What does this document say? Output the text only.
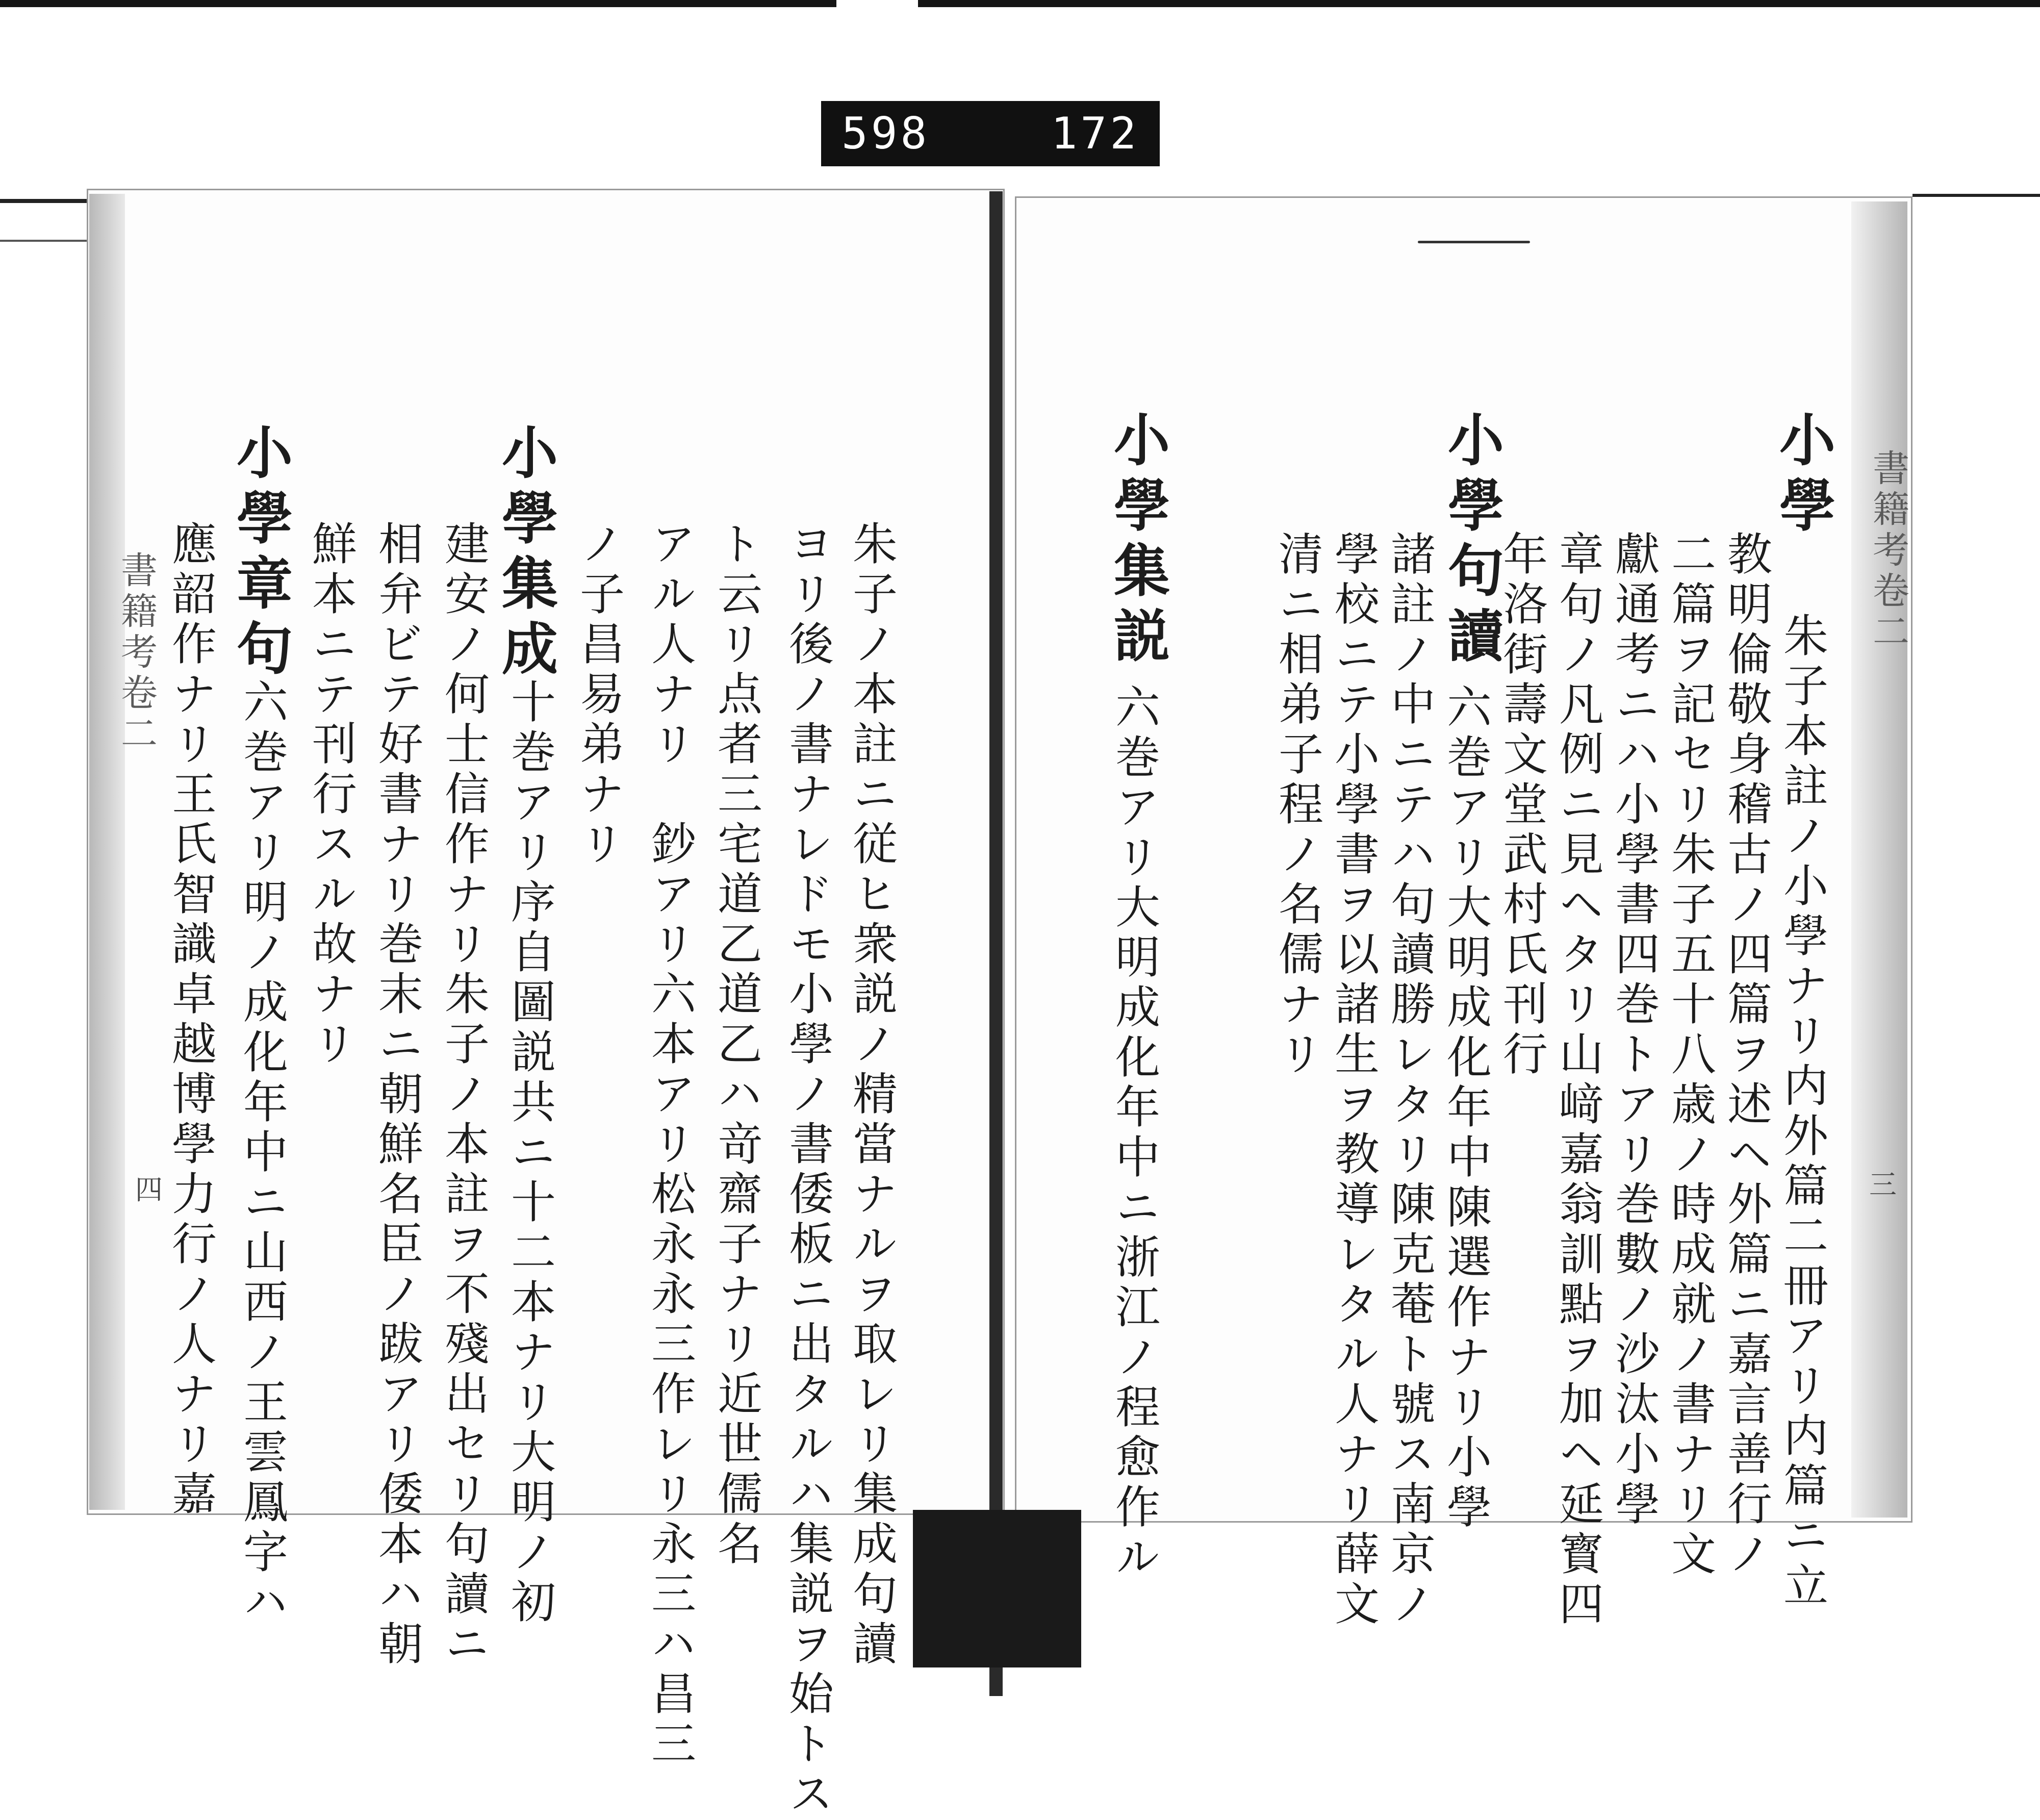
598	172
書籍考卷二
三
小學
朱子本註ノ小學ナリ内外篇二冊アリ内篇ニ立
教明倫敬身稽古ノ四篇ヲ述ヘ外篇ニ嘉言善行ノ
二篇ヲ記セリ朱子五十八歳ノ時成就ノ書ナリ文
獻通考ニハ小學書四巻トアリ巻數ノ沙汰小學
章句ノ凡例ニ見ヘタリ山﨑嘉翁訓點ヲ加ヘ延寳四
年洛街壽文堂武村氏刊行
小學句讀
六巻アリ大明成化年中陳選作ナリ小學
諸註ノ中ニテハ句讀勝レタリ陳克菴ト號ス南京ノ
學校ニテ小學書ヲ以諸生ヲ教導レタル人ナリ薛文
清ニ相弟子程ノ名儒ナリ
小學集説
六巻アリ大明成化年中ニ浙江ノ程愈作ル
書籍考卷二
四	朱子ノ本註ニ従ヒ衆説ノ精當ナルヲ取レリ集成句讀
ヨリ後ノ書ナレドモ小學ノ書倭板ニ出タルハ集説ヲ始トス
ト云リ点者三宅道乙道乙ハ竒齋子ナリ近世儒名
アル人ナリ　鈔アリ六本アリ松永永三作レリ永三ハ昌三
ノ子昌易弟ナリ
小學集成
十巻アリ序自圖説共ニ十二本ナリ大明ノ初
建安ノ何士信作ナリ朱子ノ本註ヲ不殘出セリ句讀ニ
相弁ビテ好書ナリ巻末ニ朝鮮名臣ノ跋アリ倭本ハ朝
鮮本ニテ刊行スル故ナリ
小學章句
六巻アリ明ノ成化年中ニ山西ノ王雲鳳字ハ
應韶作ナリ王氏智識卓越博學力行ノ人ナリ嘉
